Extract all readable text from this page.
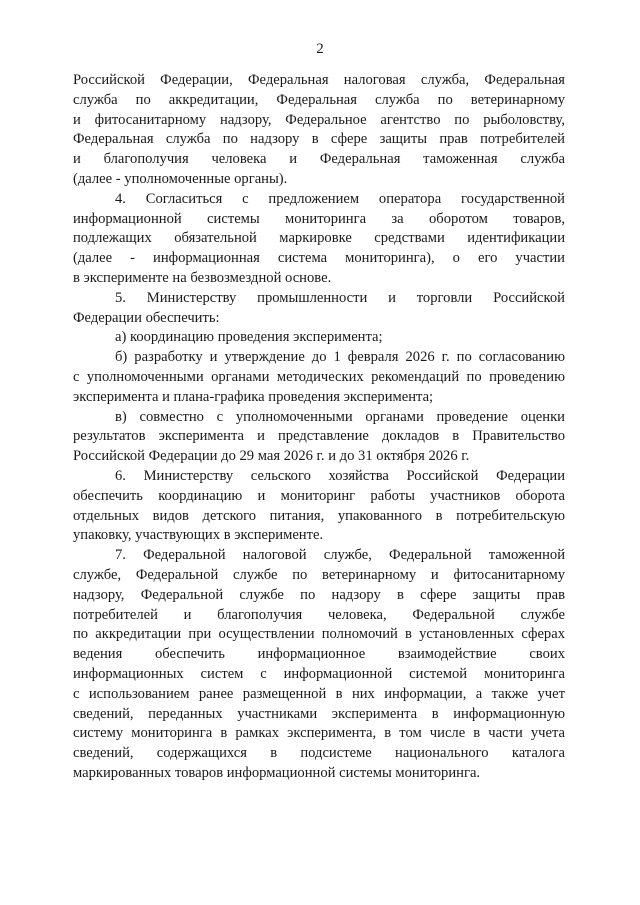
2
Российской Федерации, Федеральная налоговая служба, Федеральная
служба по аккредитации, Федеральная служба по ветеринарному
и фитосанитарному надзору, Федеральное агентство по рыболовству,
Федеральная служба по надзору в сфере защиты прав потребителей
и благополучия человека и Федеральная таможенная служба
(далее - уполномоченные органы).
4. Согласиться с предложением оператора государственной
информационной системы мониторинга за оборотом товаров,
подлежащих обязательной маркировке средствами идентификации
(далее - информационная система мониторинга), о его участии
в эксперименте на безвозмездной основе.
5. Министерству промышленности и торговли Российской
Федерации обеспечить:
а) координацию проведения эксперимента;
б) разработку и утверждение до 1 февраля 2026 г. по согласованию
с уполномоченными органами методических рекомендаций по проведению
эксперимента и плана-графика проведения эксперимента;
в) совместно с уполномоченными органами проведение оценки
результатов эксперимента и представление докладов в Правительство
Российской Федерации до 29 мая 2026 г. и до 31 октября 2026 г.
6. Министерству сельского хозяйства Российской Федерации
обеспечить координацию и мониторинг работы участников оборота
отдельных видов детского питания, упакованного в потребительскую
упаковку, участвующих в эксперименте.
7. Федеральной налоговой службе, Федеральной таможенной
службе, Федеральной службе по ветеринарному и фитосанитарному
надзору, Федеральной службе по надзору в сфере защиты прав
потребителей и благополучия человека, Федеральной службе
по аккредитации при осуществлении полномочий в установленных сферах
ведения обеспечить информационное взаимодействие своих
информационных систем с информационной системой мониторинга
с использованием ранее размещенной в них информации, а также учет
сведений, переданных участниками эксперимента в информационную
систему мониторинга в рамках эксперимента, в том числе в части учета
сведений, содержащихся в подсистеме национального каталога
маркированных товаров информационной системы мониторинга.
